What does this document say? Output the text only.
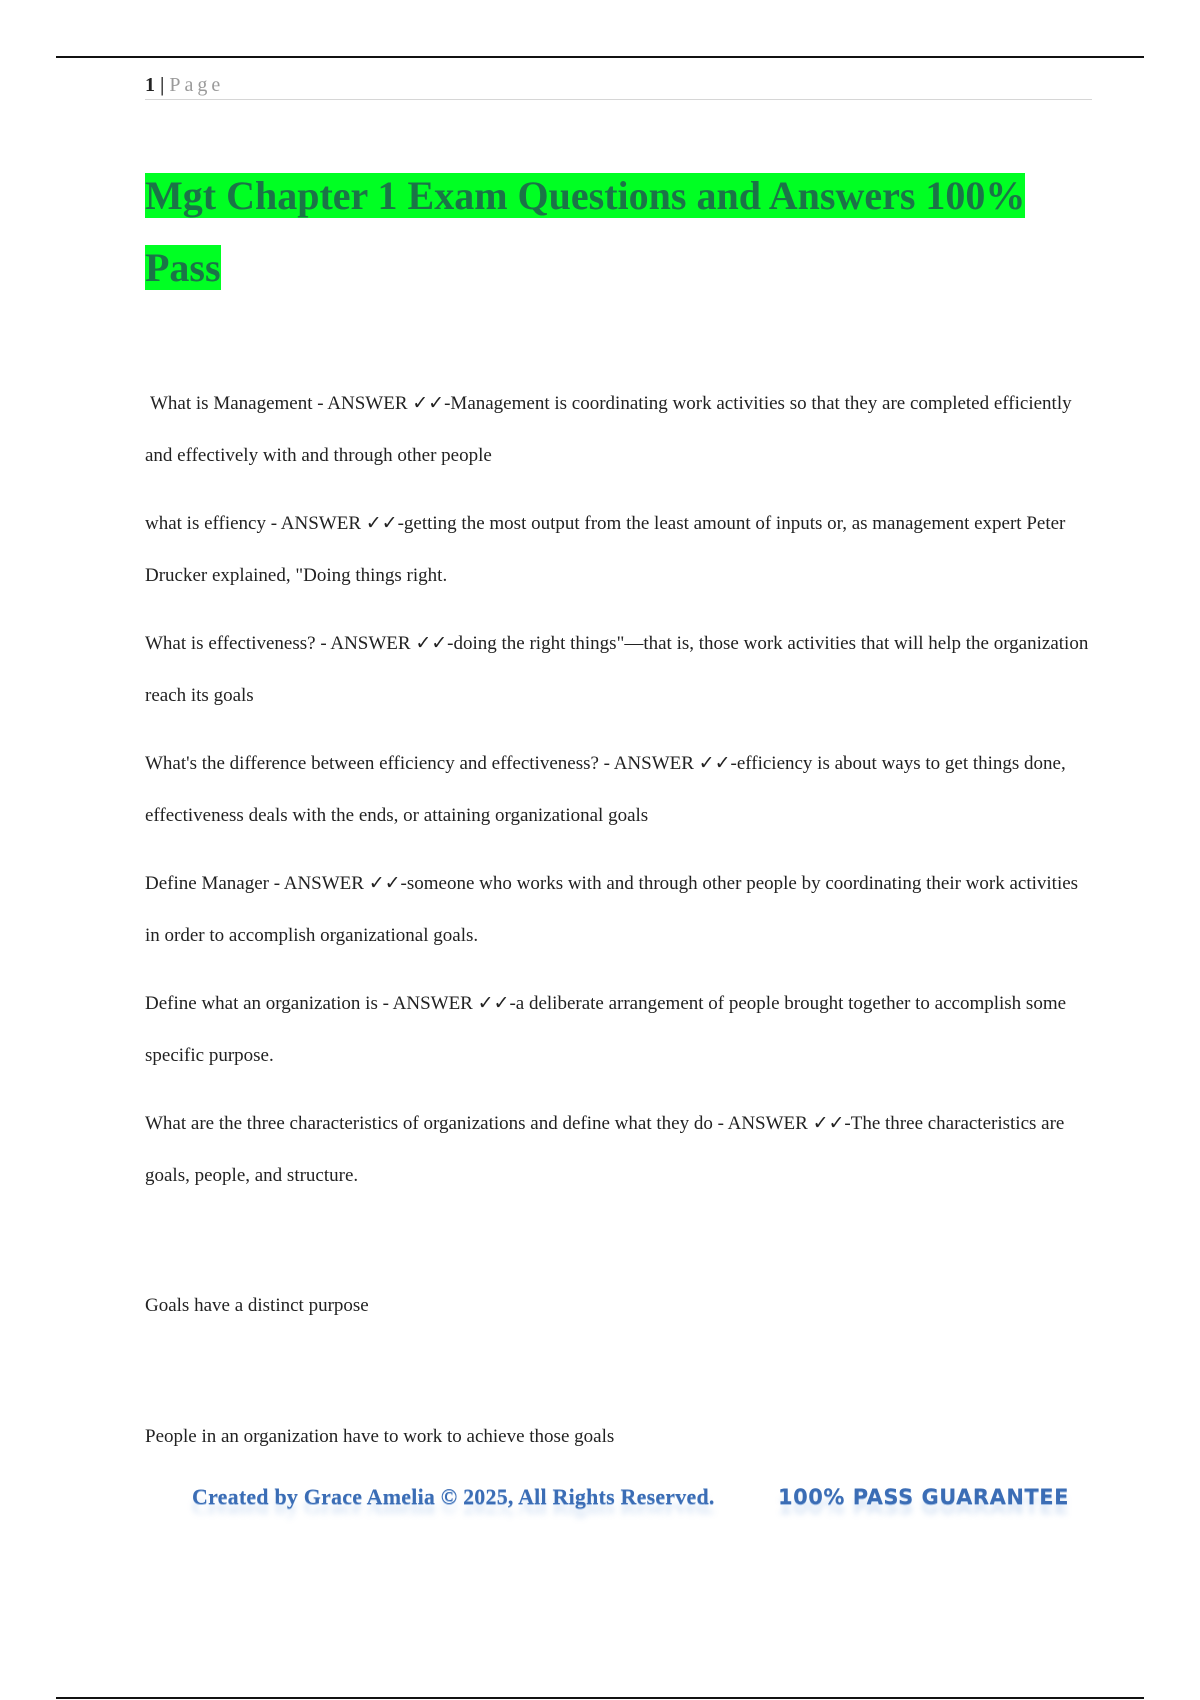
1 | Page
Mgt Chapter 1 Exam Questions and Answers 100% Pass

What is Management - ANSWER ✓✓-Management is coordinating work activities so that they are completed efficiently and effectively with and through other people

what is effiency - ANSWER ✓✓-getting the most output from the least amount of inputs or, as management expert Peter Drucker explained, "Doing things right.

What is effectiveness? - ANSWER ✓✓-doing the right things"—that is, those work activities that will help the organization reach its goals

What's the difference between efficiency and effectiveness? - ANSWER ✓✓-efficiency is about ways to get things done, effectiveness deals with the ends, or attaining organizational goals

Define Manager - ANSWER ✓✓-someone who works with and through other people by coordinating their work activities in order to accomplish organizational goals.

Define what an organization is - ANSWER ✓✓-a deliberate arrangement of people brought together to accomplish some specific purpose.

What are the three characteristics of organizations and define what they do - ANSWER ✓✓-The three characteristics are goals, people, and structure.

Goals have a distinct purpose
People in an organization have to work to achieve those goals
Created by Grace Amelia © 2025, All Rights Reserved.	100% PASS GUARANTEE
